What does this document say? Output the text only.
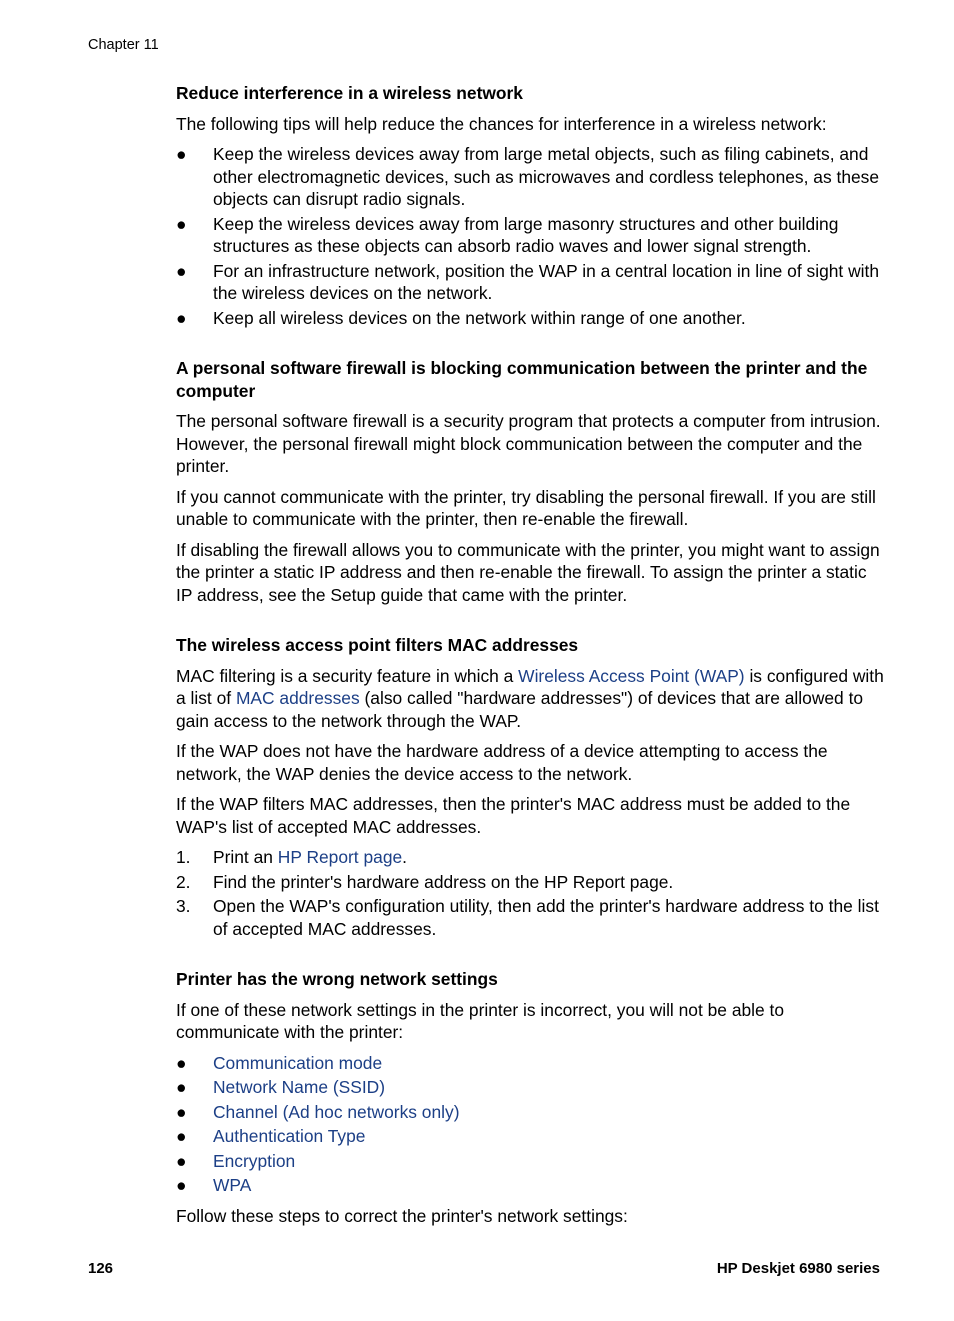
Chapter 11
Reduce interference in a wireless network

The following tips will help reduce the chances for interference in a wireless network:

● Keep the wireless devices away from large metal objects, such as filing cabinets, and other electromagnetic devices, such as microwaves and cordless telephones, as these objects can disrupt radio signals.
● Keep the wireless devices away from large masonry structures and other building structures as these objects can absorb radio waves and lower signal strength.
● For an infrastructure network, position the WAP in a central location in line of sight with the wireless devices on the network.
● Keep all wireless devices on the network within range of one another.
A personal software firewall is blocking communication between the printer and the computer

The personal software firewall is a security program that protects a computer from intrusion. However, the personal firewall might block communication between the computer and the printer.

If you cannot communicate with the printer, try disabling the personal firewall. If you are still unable to communicate with the printer, then re-enable the firewall.

If disabling the firewall allows you to communicate with the printer, you might want to assign the printer a static IP address and then re-enable the firewall. To assign the printer a static IP address, see the Setup guide that came with the printer.

The wireless access point filters MAC addresses

MAC filtering is a security feature in which a Wireless Access Point (WAP) is configured with a list of MAC addresses (also called "hardware addresses") of devices that are allowed to gain access to the network through the WAP.

If the WAP does not have the hardware address of a device attempting to access the network, the WAP denies the device access to the network.

If the WAP filters MAC addresses, then the printer's MAC address must be added to the WAP's list of accepted MAC addresses.

1. Print an HP Report page.
2. Find the printer's hardware address on the HP Report page.
3. Open the WAP's configuration utility, then add the printer's hardware address to the list of accepted MAC addresses.
Printer has the wrong network settings

If one of these network settings in the printer is incorrect, you will not be able to communicate with the printer:

● Communication mode
● Network Name (SSID)
● Channel (Ad hoc networks only)
● Authentication Type
● Encryption
● WPA

Follow these steps to correct the printer's network settings:

126	HP Deskjet 6980 series
